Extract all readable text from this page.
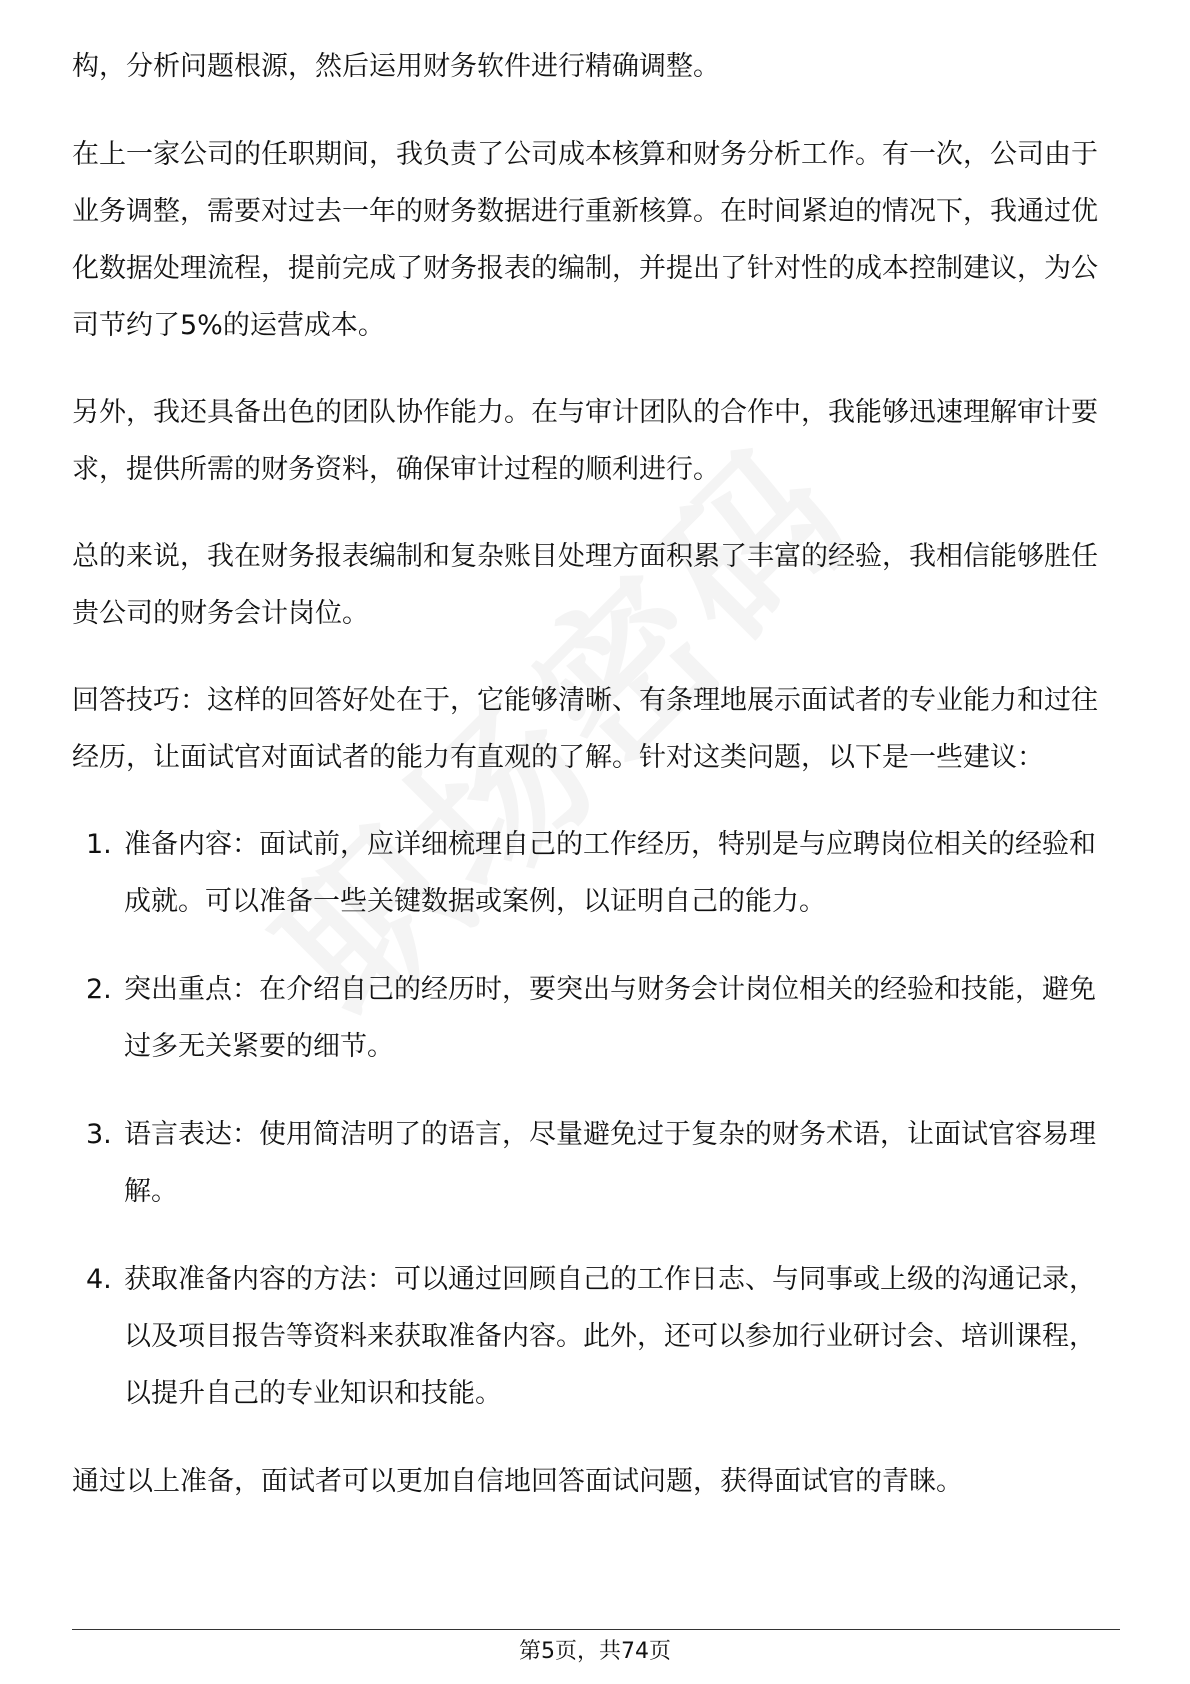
构，分析问题根源，然后运用财务软件进行精确调整。

在上一家公司的任职期间，我负责了公司成本核算和财务分析工作。有一次，公司由于业务调整，需要对过去一年的财务数据进行重新核算。在时间紧迫的情况下，我通过优化数据处理流程，提前完成了财务报表的编制，并提出了针对性的成本控制建议，为公司节约了5%的运营成本。

另外，我还具备出色的团队协作能力。在与审计团队的合作中，我能够迅速理解审计要求，提供所需的财务资料，确保审计过程的顺利进行。

总的来说，我在财务报表编制和复杂账目处理方面积累了丰富的经验，我相信能够胜任贵公司的财务会计岗位。

回答技巧：这样的回答好处在于，它能够清晰、有条理地展示面试者的专业能力和过往经历，让面试官对面试者的能力有直观的了解。针对这类问题，以下是一些建议：

1. 准备内容：面试前，应详细梳理自己的工作经历，特别是与应聘岗位相关的经验和成就。可以准备一些关键数据或案例，以证明自己的能力。
2. 突出重点：在介绍自己的经历时，要突出与财务会计岗位相关的经验和技能，避免过多无关紧要的细节。
3. 语言表达：使用简洁明了的语言，尽量避免过于复杂的财务术语，让面试官容易理解。
4. 获取准备内容的方法：可以通过回顾自己的工作日志、与同事或上级的沟通记录，以及项目报告等资料来获取准备内容。此外，还可以参加行业研讨会、培训课程，以提升自己的专业知识和技能。

通过以上准备，面试者可以更加自信地回答面试问题，获得面试官的青睐。

第5页，共74页
